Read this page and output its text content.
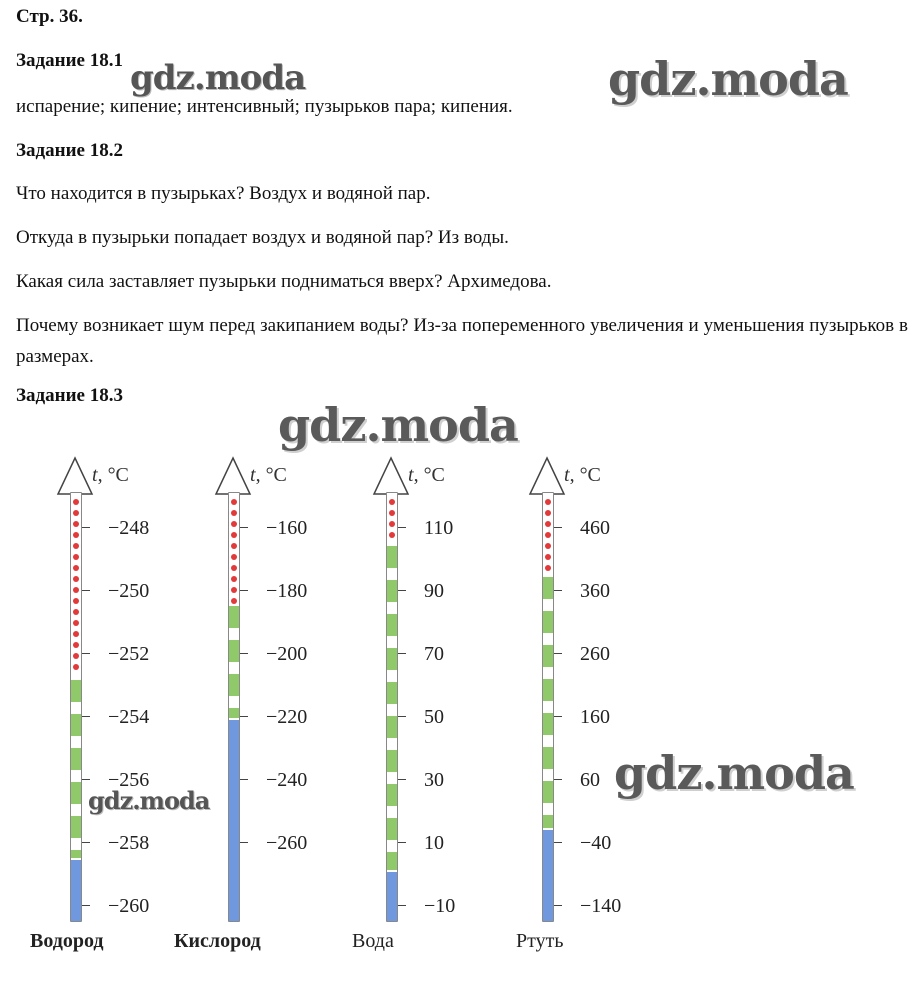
Стр. 36.
Задание 18.1
испарение; кипение; интенсивный; пузырьков пара; кипения.
Задание 18.2
Что находится в пузырьках? Воздух и водяной пар.
Откуда в пузырьки попадает воздух и водяной пар? Из воды.
Какая сила заставляет пузырьки подниматься вверх? Архимедова.
Почему возникает шум перед закипанием воды? Из-за попеременного увеличения и уменьшения пузырьков в размерах.
Задание 18.3
t, °C
−248
−250
−252
−254
−256
−258
−260
Водород
t, °C
−160
−180
−200
−220
−240
−260
Кислород
t, °C
110
90
70
50
30
10
−10
Вода
t, °C
460
360
260
160
60
−40
−140
Ртуть
gdz.moda	gdz.moda
gdz.moda
gdz.moda
gdz.moda
